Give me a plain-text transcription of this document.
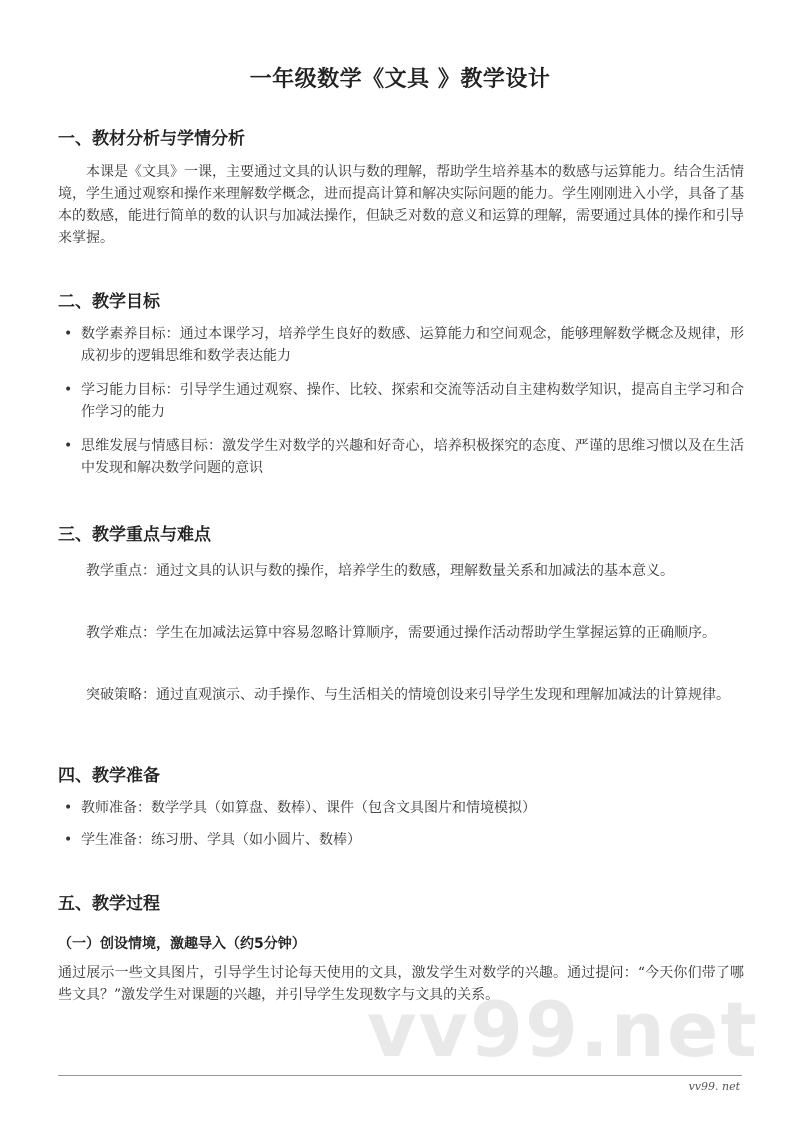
vv99.net
一年级数学《文具 》教学设计
一、教材分析与学情分析

本课是《文具》一课，主要通过文具的认识与数的理解，帮助学生培养基本的数感与运算能力。结合生活情境，学生通过观察和操作来理解数学概念，进而提高计算和解决实际问题的能力。学生刚刚进入小学，具备了基本的数感，能进行简单的数的认识与加减法操作，但缺乏对数的意义和运算的理解，需要通过具体的操作和引导来掌握。

二、教学目标
• 数学素养目标：通过本课学习，培养学生良好的数感、运算能力和空间观念，能够理解数学概念及规律，形成初步的逻辑思维和数学表达能力
• 学习能力目标：引导学生通过观察、操作、比较、探索和交流等活动自主建构数学知识，提高自主学习和合作学习的能力
• 思维发展与情感目标：激发学生对数学的兴趣和好奇心，培养积极探究的态度、严谨的思维习惯以及在生活中发现和解决数学问题的意识
三、教学重点与难点

教学重点：通过文具的认识与数的操作，培养学生的数感，理解数量关系和加减法的基本意义。

教学难点：学生在加减法运算中容易忽略计算顺序，需要通过操作活动帮助学生掌握运算的正确顺序。

突破策略：通过直观演示、动手操作、与生活相关的情境创设来引导学生发现和理解加减法的计算规律。

四、教学准备
• 教师准备：数学学具（如算盘、数棒）、课件（包含文具图片和情境模拟）
• 学生准备：练习册、学具（如小圆片、数棒）
五、教学过程
（一）创设情境，激趣导入（约5分钟）

通过展示一些文具图片，引导学生讨论每天使用的文具，激发学生对数学的兴趣。通过提问：“今天你们带了哪些文具？”激发学生对课题的兴趣，并引导学生发现数字与文具的关系。

vv99. net
